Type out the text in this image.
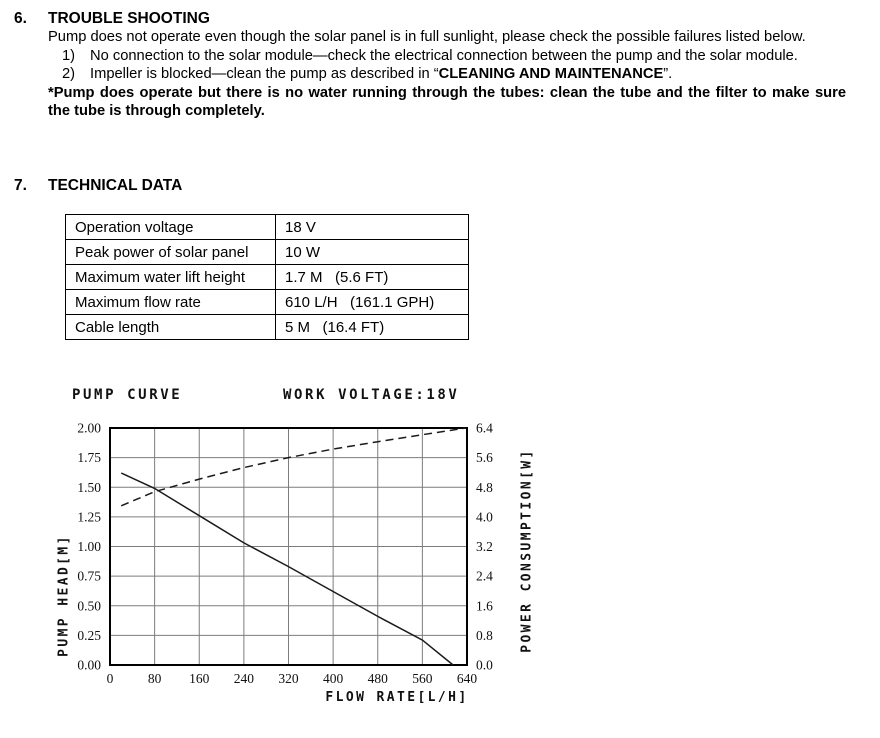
6.	TROUBLE SHOOTING
Pump does not operate even though the solar panel is in full sunlight, please check the possible failures listed below.
1)	No connection to the solar module—check the electrical connection between the pump and the solar module.
2)	Impeller is blocked—clean the pump as described in “CLEANING AND MAINTENANCE”.
*Pump does operate but there is no water running through the tubes: clean the tube and the filter to make sure the tube is through completely.
7.	TECHNICAL DATA
Operation voltage	18 V
Peak power of solar panel	10 W
Maximum water lift height	1.7 M   (5.6 FT)
Maximum flow rate	610 L/H   (161.1 GPH)
Cable length	5 M   (16.4 FT)
PUMP CURVE	WORK VOLTAGE:18V
0	80 160 240 320 400 480 560 640
0.00
0.25
0.50
0.75
1.00
1.25
1.50
1.75
2.00
0.0
0.8
1.6
2.4
3.2
4.0
4.8
5.6
6.4
PUMP HEAD[M]	POWER CONSUMPTION[W]
FLOW RATE[L/H]
